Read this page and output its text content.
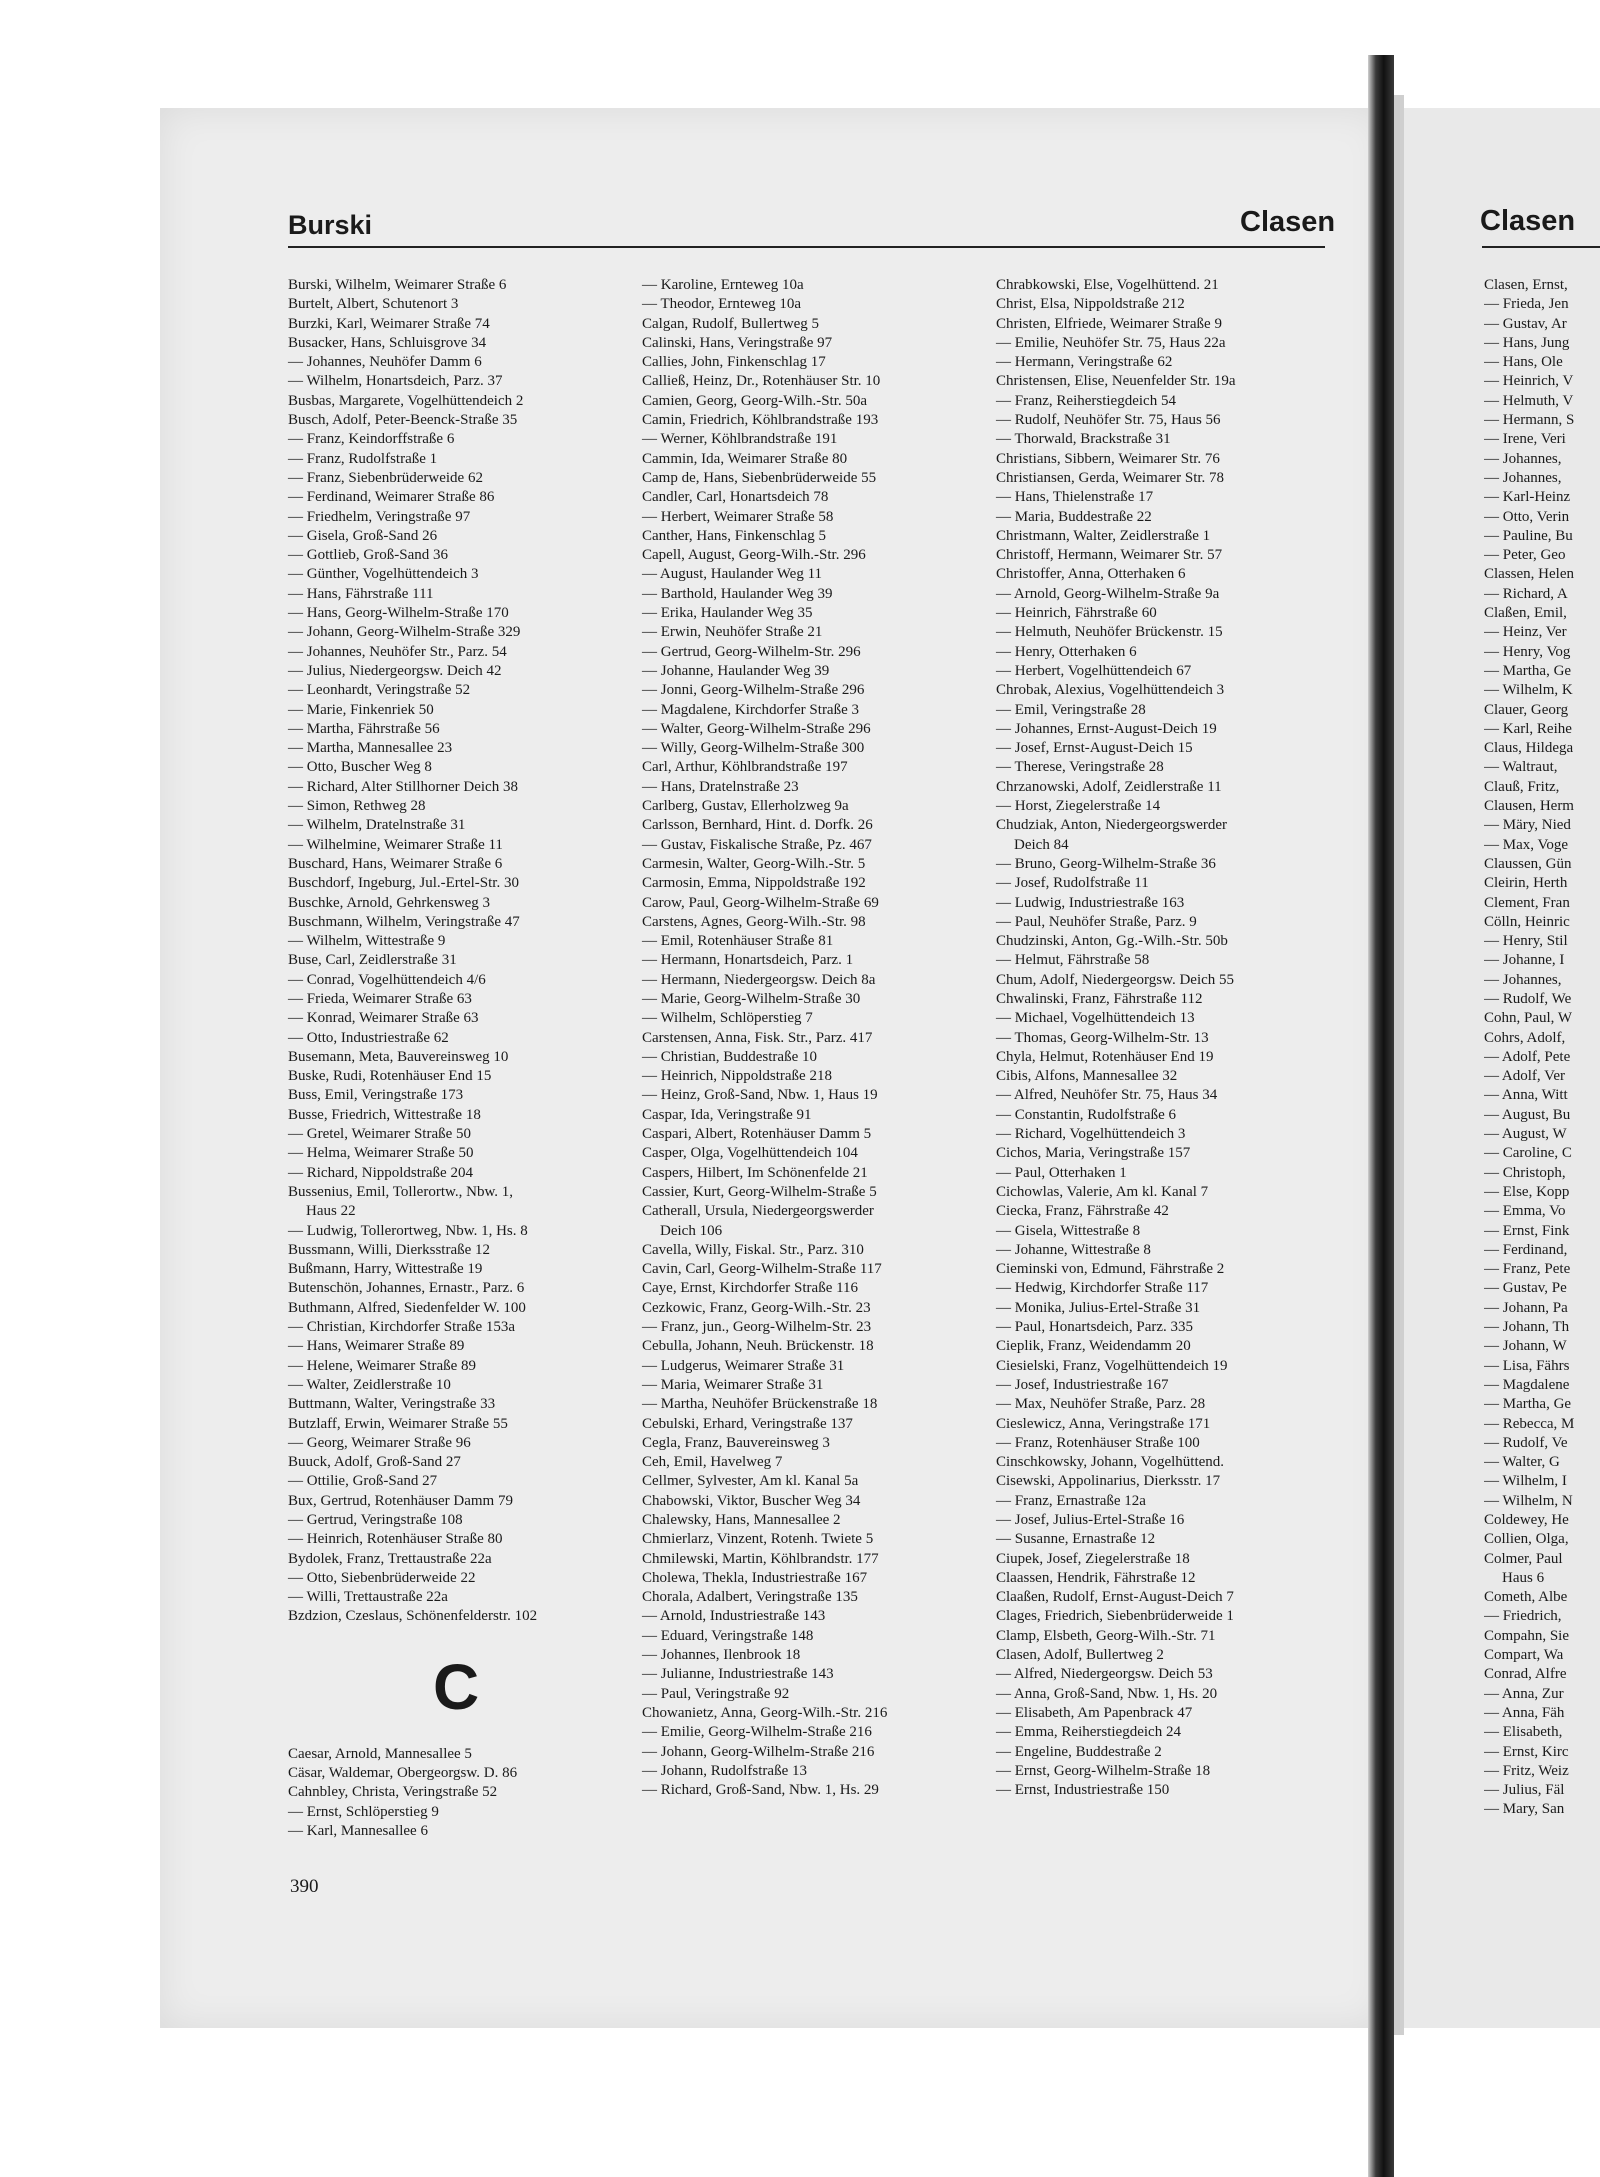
Burski	Clasen	Clasen
Burski, Wilhelm, Weimarer Straße 6
Burtelt, Albert, Schutenort 3
Burzki, Karl, Weimarer Straße 74
Busacker, Hans, Schluisgrove 34
— Johannes, Neuhöfer Damm 6
— Wilhelm, Honartsdeich, Parz. 37
Busbas, Margarete, Vogelhüttendeich 2
Busch, Adolf, Peter-Beenck-Straße 35
— Franz, Keindorffstraße 6
— Franz, Rudolfstraße 1
— Franz, Siebenbrüderweide 62
— Ferdinand, Weimarer Straße 86
— Friedhelm, Veringstraße 97
— Gisela, Groß-Sand 26
— Gottlieb, Groß-Sand 36
— Günther, Vogelhüttendeich 3
— Hans, Fährstraße 111
— Hans, Georg-Wilhelm-Straße 170
— Johann, Georg-Wilhelm-Straße 329
— Johannes, Neuhöfer Str., Parz. 54
— Julius, Niedergeorgsw. Deich 42
— Leonhardt, Veringstraße 52
— Marie, Finkenriek 50
— Martha, Fährstraße 56
— Martha, Mannesallee 23
— Otto, Buscher Weg 8
— Richard, Alter Stillhorner Deich 38
— Simon, Rethweg 28
— Wilhelm, Dratelnstraße 31
— Wilhelmine, Weimarer Straße 11
Buschard, Hans, Weimarer Straße 6
Buschdorf, Ingeburg, Jul.-Ertel-Str. 30
Buschke, Arnold, Gehrkensweg 3
Buschmann, Wilhelm, Veringstraße 47
— Wilhelm, Wittestraße 9
Buse, Carl, Zeidlerstraße 31
— Conrad, Vogelhüttendeich 4/6
— Frieda, Weimarer Straße 63
— Konrad, Weimarer Straße 63
— Otto, Industriestraße 62
Busemann, Meta, Bauvereinsweg 10
Buske, Rudi, Rotenhäuser End 15
Buss, Emil, Veringstraße 173
Busse, Friedrich, Wittestraße 18
— Gretel, Weimarer Straße 50
— Helma, Weimarer Straße 50
— Richard, Nippoldstraße 204
Bussenius, Emil, Tollerortw., Nbw. 1,
Haus 22
— Ludwig, Tollerortweg, Nbw. 1, Hs. 8
Bussmann, Willi, Dierksstraße 12
Bußmann, Harry, Wittestraße 19
Butenschön, Johannes, Ernastr., Parz. 6
Buthmann, Alfred, Siedenfelder W. 100
— Christian, Kirchdorfer Straße 153a
— Hans, Weimarer Straße 89
— Helene, Weimarer Straße 89
— Walter, Zeidlerstraße 10
Buttmann, Walter, Veringstraße 33
Butzlaff, Erwin, Weimarer Straße 55
— Georg, Weimarer Straße 96
Buuck, Adolf, Groß-Sand 27
— Ottilie, Groß-Sand 27
Bux, Gertrud, Rotenhäuser Damm 79
— Gertrud, Veringstraße 108
— Heinrich, Rotenhäuser Straße 80
Bydolek, Franz, Trettaustraße 22a
— Otto, Siebenbrüderweide 22
— Willi, Trettaustraße 22a
Bzdzion, Czeslaus, Schönenfelderstr. 102
C
Caesar, Arnold, Mannesallee 5
Cäsar, Waldemar, Obergeorgsw. D. 86
Cahnbley, Christa, Veringstraße 52
— Ernst, Schlöperstieg 9
— Karl, Mannesallee 6
— Karoline, Ernteweg 10a
— Theodor, Ernteweg 10a
Calgan, Rudolf, Bullertweg 5
Calinski, Hans, Veringstraße 97
Callies, John, Finkenschlag 17
Calließ, Heinz, Dr., Rotenhäuser Str. 10
Camien, Georg, Georg-Wilh.-Str. 50a
Camin, Friedrich, Köhlbrandstraße 193
— Werner, Köhlbrandstraße 191
Cammin, Ida, Weimarer Straße 80
Camp de, Hans, Siebenbrüderweide 55
Candler, Carl, Honartsdeich 78
— Herbert, Weimarer Straße 58
Canther, Hans, Finkenschlag 5
Capell, August, Georg-Wilh.-Str. 296
— August, Haulander Weg 11
— Barthold, Haulander Weg 39
— Erika, Haulander Weg 35
— Erwin, Neuhöfer Straße 21
— Gertrud, Georg-Wilhelm-Str. 296
— Johanne, Haulander Weg 39
— Jonni, Georg-Wilhelm-Straße 296
— Magdalene, Kirchdorfer Straße 3
— Walter, Georg-Wilhelm-Straße 296
— Willy, Georg-Wilhelm-Straße 300
Carl, Arthur, Köhlbrandstraße 197
— Hans, Dratelnstraße 23
Carlberg, Gustav, Ellerholzweg 9a
Carlsson, Bernhard, Hint. d. Dorfk. 26
— Gustav, Fiskalische Straße, Pz. 467
Carmesin, Walter, Georg-Wilh.-Str. 5
Carmosin, Emma, Nippoldstraße 192
Carow, Paul, Georg-Wilhelm-Straße 69
Carstens, Agnes, Georg-Wilh.-Str. 98
— Emil, Rotenhäuser Straße 81
— Hermann, Honartsdeich, Parz. 1
— Hermann, Niedergeorgsw. Deich 8a
— Marie, Georg-Wilhelm-Straße 30
— Wilhelm, Schlöperstieg 7
Carstensen, Anna, Fisk. Str., Parz. 417
— Christian, Buddestraße 10
— Heinrich, Nippoldstraße 218
— Heinz, Groß-Sand, Nbw. 1, Haus 19
Caspar, Ida, Veringstraße 91
Caspari, Albert, Rotenhäuser Damm 5
Casper, Olga, Vogelhüttendeich 104
Caspers, Hilbert, Im Schönenfelde 21
Cassier, Kurt, Georg-Wilhelm-Straße 5
Catherall, Ursula, Niedergeorgswerder
Deich 106
Cavella, Willy, Fiskal. Str., Parz. 310
Cavin, Carl, Georg-Wilhelm-Straße 117
Caye, Ernst, Kirchdorfer Straße 116
Cezkowic, Franz, Georg-Wilh.-Str. 23
— Franz, jun., Georg-Wilhelm-Str. 23
Cebulla, Johann, Neuh. Brückenstr. 18
— Ludgerus, Weimarer Straße 31
— Maria, Weimarer Straße 31
— Martha, Neuhöfer Brückenstraße 18
Cebulski, Erhard, Veringstraße 137
Cegla, Franz, Bauvereinsweg 3
Ceh, Emil, Havelweg 7
Cellmer, Sylvester, Am kl. Kanal 5a
Chabowski, Viktor, Buscher Weg 34
Chalewsky, Hans, Mannesallee 2
Chmierlarz, Vinzent, Rotenh. Twiete 5
Chmilewski, Martin, Köhlbrandstr. 177
Cholewa, Thekla, Industriestraße 167
Chorala, Adalbert, Veringstraße 135
— Arnold, Industriestraße 143
— Eduard, Veringstraße 148
— Johannes, Ilenbrook 18
— Julianne, Industriestraße 143
— Paul, Veringstraße 92
Chowanietz, Anna, Georg-Wilh.-Str. 216
— Emilie, Georg-Wilhelm-Straße 216
— Johann, Georg-Wilhelm-Straße 216
— Johann, Rudolfstraße 13
— Richard, Groß-Sand, Nbw. 1, Hs. 29
Chrabkowski, Else, Vogelhüttend. 21
Christ, Elsa, Nippoldstraße 212
Christen, Elfriede, Weimarer Straße 9
— Emilie, Neuhöfer Str. 75, Haus 22a
— Hermann, Veringstraße 62
Christensen, Elise, Neuenfelder Str. 19a
— Franz, Reiherstiegdeich 54
— Rudolf, Neuhöfer Str. 75, Haus 56
— Thorwald, Brackstraße 31
Christians, Sibbern, Weimarer Str. 76
Christiansen, Gerda, Weimarer Str. 78
— Hans, Thielenstraße 17
— Maria, Buddestraße 22
Christmann, Walter, Zeidlerstraße 1
Christoff, Hermann, Weimarer Str. 57
Christoffer, Anna, Otterhaken 6
— Arnold, Georg-Wilhelm-Straße 9a
— Heinrich, Fährstraße 60
— Helmuth, Neuhöfer Brückenstr. 15
— Henry, Otterhaken 6
— Herbert, Vogelhüttendeich 67
Chrobak, Alexius, Vogelhüttendeich 3
— Emil, Veringstraße 28
— Johannes, Ernst-August-Deich 19
— Josef, Ernst-August-Deich 15
— Therese, Veringstraße 28
Chrzanowski, Adolf, Zeidlerstraße 11
— Horst, Ziegelerstraße 14
Chudziak, Anton, Niedergeorgswerder
Deich 84
— Bruno, Georg-Wilhelm-Straße 36
— Josef, Rudolfstraße 11
— Ludwig, Industriestraße 163
— Paul, Neuhöfer Straße, Parz. 9
Chudzinski, Anton, Gg.-Wilh.-Str. 50b
— Helmut, Fährstraße 58
Chum, Adolf, Niedergeorgsw. Deich 55
Chwalinski, Franz, Fährstraße 112
— Michael, Vogelhüttendeich 13
— Thomas, Georg-Wilhelm-Str. 13
Chyla, Helmut, Rotenhäuser End 19
Cibis, Alfons, Mannesallee 32
— Alfred, Neuhöfer Str. 75, Haus 34
— Constantin, Rudolfstraße 6
— Richard, Vogelhüttendeich 3
Cichos, Maria, Veringstraße 157
— Paul, Otterhaken 1
Cichowlas, Valerie, Am kl. Kanal 7
Ciecka, Franz, Fährstraße 42
— Gisela, Wittestraße 8
— Johanne, Wittestraße 8
Cieminski von, Edmund, Fährstraße 2
— Hedwig, Kirchdorfer Straße 117
— Monika, Julius-Ertel-Straße 31
— Paul, Honartsdeich, Parz. 335
Cieplik, Franz, Weidendamm 20
Ciesielski, Franz, Vogelhüttendeich 19
— Josef, Industriestraße 167
— Max, Neuhöfer Straße, Parz. 28
Cieslewicz, Anna, Veringstraße 171
— Franz, Rotenhäuser Straße 100
Cinschkowsky, Johann, Vogelhüttend.
Cisewski, Appolinarius, Dierksstr. 17
— Franz, Ernastraße 12a
— Josef, Julius-Ertel-Straße 16
— Susanne, Ernastraße 12
Ciupek, Josef, Ziegelerstraße 18
Claassen, Hendrik, Fährstraße 12
Claaßen, Rudolf, Ernst-August-Deich 7
Clages, Friedrich, Siebenbrüderweide 1
Clamp, Elsbeth, Georg-Wilh.-Str. 71
Clasen, Adolf, Bullertweg 2
— Alfred, Niedergeorgsw. Deich 53
— Anna, Groß-Sand, Nbw. 1, Hs. 20
— Elisabeth, Am Papenbrack 47
— Emma, Reiherstiegdeich 24
— Engeline, Buddestraße 2
— Ernst, Georg-Wilhelm-Straße 18
— Ernst, Industriestraße 150
Clasen, Ernst,
— Frieda, Jen
— Gustav, Ar
— Hans, Jung
— Hans, Ole
— Heinrich, V
— Helmuth, V
— Hermann, S
— Irene, Veri
— Johannes,
— Johannes,
— Karl-Heinz
— Otto, Verin
— Pauline, Bu
— Peter, Geo
Classen, Helen
— Richard, A
Claßen, Emil,
— Heinz, Ver
— Henry, Vog
— Martha, Ge
— Wilhelm, K
Clauer, Georg
— Karl, Reihe
Claus, Hildega
— Waltraut,
Clauß, Fritz,
Clausen, Herm
— Märy, Nied
— Max, Voge
Claussen, Gün
Cleirin, Herth
Clement, Fran
Cölln, Heinric
— Henry, Stil
— Johanne, I
— Johannes,
— Rudolf, We
Cohn, Paul, W
Cohrs, Adolf,
— Adolf, Pete
— Adolf, Ver
— Anna, Witt
— August, Bu
— August, W
— Caroline, C
— Christoph,
— Else, Kopp
— Emma, Vo
— Ernst, Fink
— Ferdinand,
— Franz, Pete
— Gustav, Pe
— Johann, Pa
— Johann, Th
— Johann, W
— Lisa, Fährs
— Magdalene
— Martha, Ge
— Rebecca, M
— Rudolf, Ve
— Walter, G
— Wilhelm, I
— Wilhelm, N
Coldewey, He
Collien, Olga,
Colmer, Paul
Haus 6
Cometh, Albe
— Friedrich,
Compahn, Sie
Compart, Wa
Conrad, Alfre
— Anna, Zur
— Anna, Fäh
— Elisabeth,
— Ernst, Kirc
— Fritz, Weiz
— Julius, Fäl
— Mary, San
390
